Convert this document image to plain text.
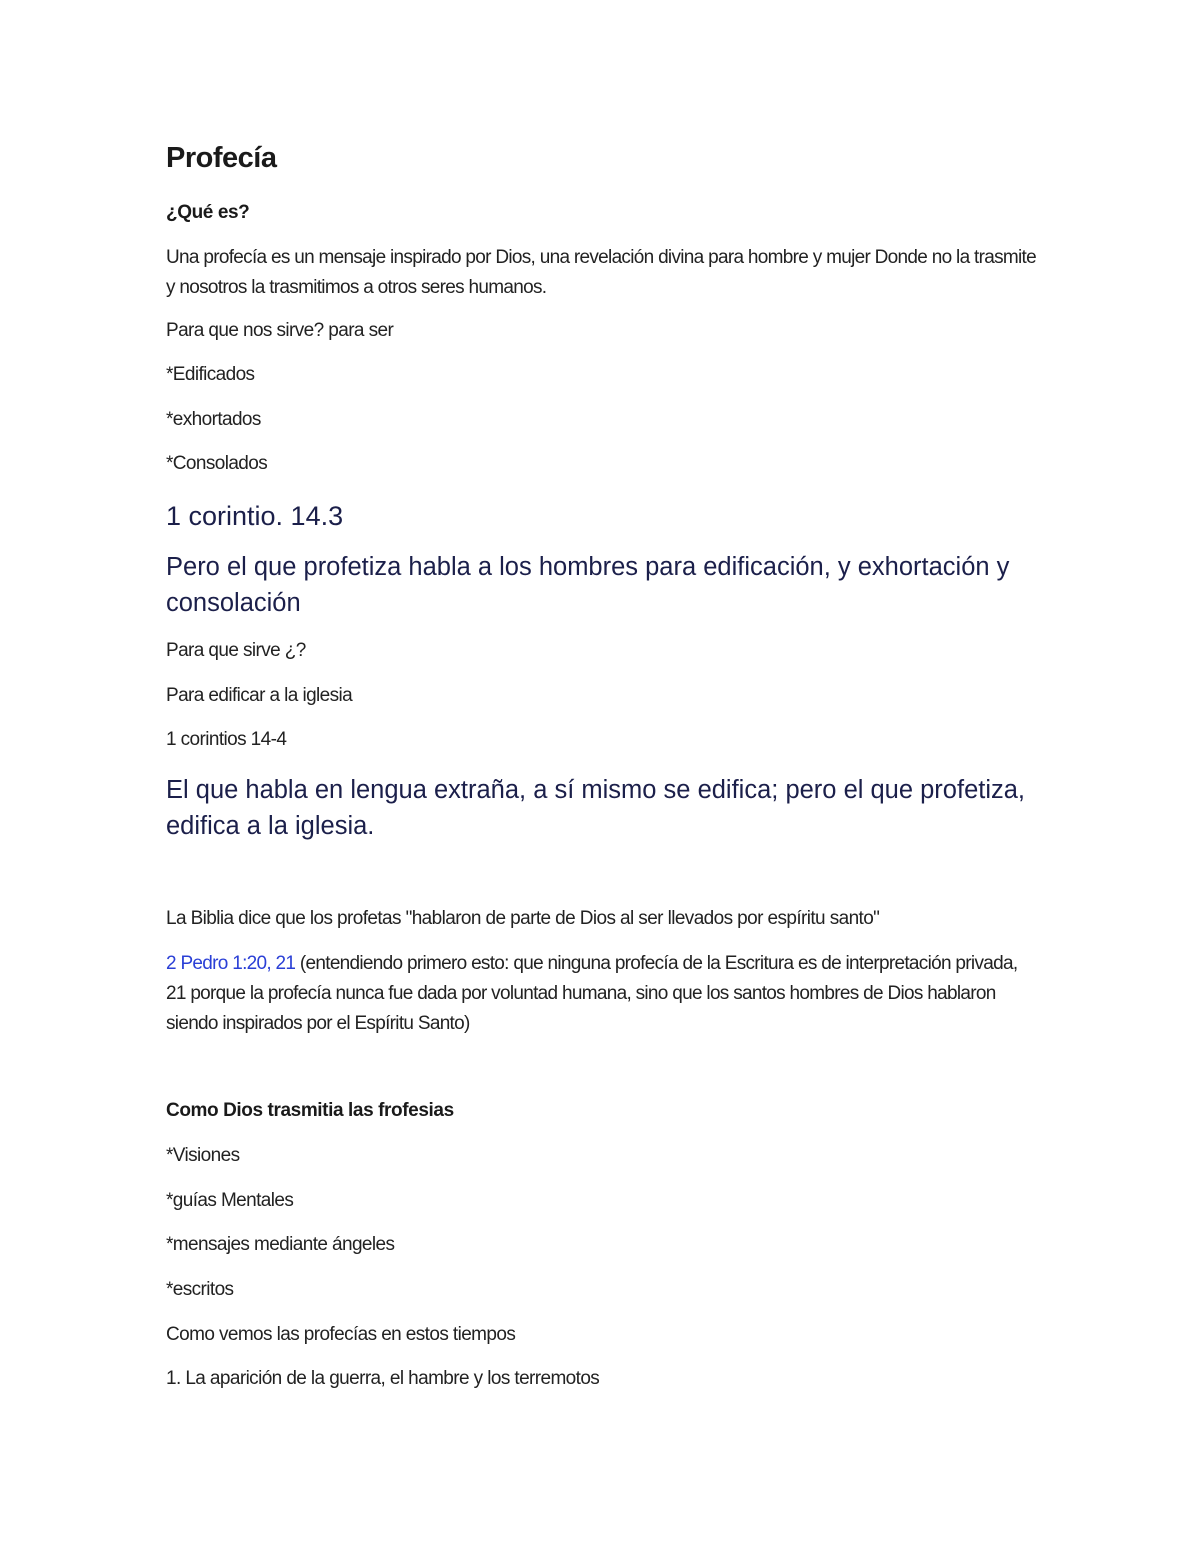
Profecía
¿Qué es?
Una profecía es un mensaje inspirado por Dios, una revelación divina para hombre y mujer Donde no la trasmite y nosotros la trasmitimos a otros seres humanos.
Para que nos sirve? para ser
*Edificados
*exhortados
*Consolados
1 corintio. 14.3
Pero el que profetiza habla a los hombres para edificación, y exhortación y consolación
Para que sirve ¿?
Para edificar a la iglesia
1 corintios 14-4
El que habla en lengua extraña, a sí mismo se edifica; pero el que profetiza, edifica a la iglesia.
La Biblia dice que los profetas "hablaron de parte de Dios al ser llevados por espíritu santo"
2 Pedro 1:20, 21 (entendiendo primero esto: que ninguna profecía de la Escritura es de interpretación privada, 21 porque la profecía nunca fue dada por voluntad humana, sino que los santos hombres de Dios hablaron siendo inspirados por el Espíritu Santo)
Como Dios trasmitia las frofesias
*Visiones
*guías Mentales
*mensajes mediante ángeles
*escritos
Como vemos las profecías en estos tiempos
1. La aparición de la guerra, el hambre y los terremotos
